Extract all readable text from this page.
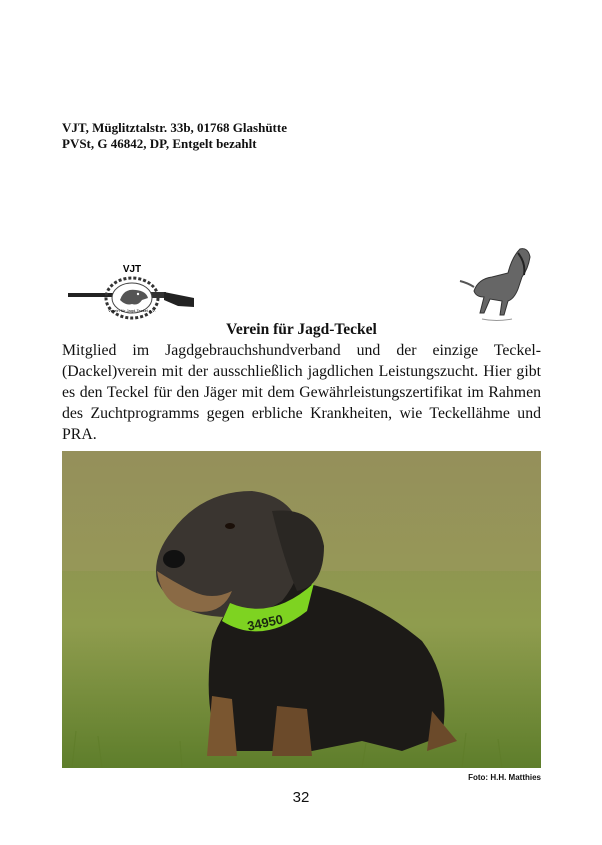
VJT, Müglitztalstr. 33b, 01768 Glashütte
PVSt, G 46842, DP, Entgelt bezahlt
VJT
Verein für Jagd-Teckel e.V.
Verein für Jagd-Teckel
Mitglied im Jagdgebrauchshundverband und der einzige Teckel- (Dackel)verein mit der ausschließlich jagdlichen Leistungszucht. Hier gibt es den Teckel für den Jäger mit dem Gewährleistungszertifikat im Rahmen des Zuchtprogramms gegen erbliche Krankheiten, wie Teckellähme und PRA.
34950
Foto: H.H. Matthies
32
